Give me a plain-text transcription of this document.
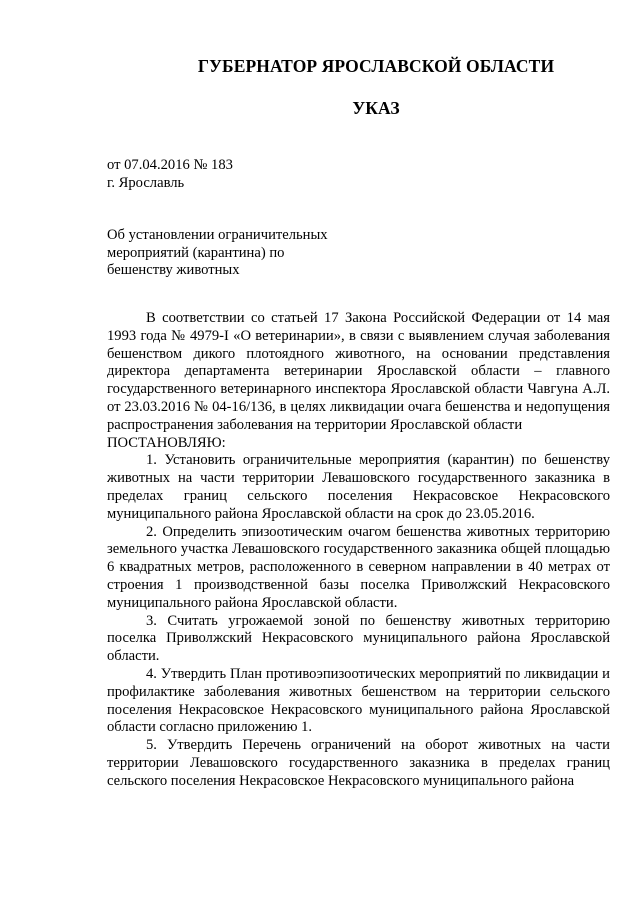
ГУБЕРНАТОР ЯРОСЛАВСКОЙ ОБЛАСТИ
УКАЗ
от 07.04.2016 № 183
г. Ярославль
Об установлении ограничительных
мероприятий (карантина) по
бешенству животных

В соответствии со статьей 17 Закона Российской Федерации от 14 мая 1993 года № 4979-I «О ветеринарии», в связи с выявлением случая заболевания бешенством дикого плотоядного животного, на основании представления директора департамента ветеринарии Ярославской области – главного государственного ветеринарного инспектора Ярославской области Чавгуна А.Л. от 23.03.2016 № 04-16/136, в целях ликвидации очага бешенства и недопущения распространения заболевания на территории Ярославской области

ПОСТАНОВЛЯЮ:

1. Установить ограничительные мероприятия (карантин) по бешенству животных на части территории Левашовского государственного заказника в пределах границ сельского поселения Некрасовское Некрасовского муниципального района Ярославской области на срок до 23.05.2016.

2. Определить эпизоотическим очагом бешенства животных территорию земельного участка Левашовского государственного заказника общей площадью 6 квадратных метров, расположенного в северном направлении в 40 метрах от строения 1 производственной базы поселка Приволжский Некрасовского муниципального района Ярославской области.

3. Считать угрожаемой зоной по бешенству животных территорию поселка Приволжский Некрасовского муниципального района Ярославской области.

4. Утвердить План противоэпизоотических мероприятий по ликвидации и профилактике заболевания животных бешенством на территории сельского поселения Некрасовское Некрасовского муниципального района Ярославской области согласно приложению 1.

5. Утвердить Перечень ограничений на оборот животных на части территории Левашовского государственного заказника в пределах границ сельского поселения Некрасовское Некрасовского муниципального района
